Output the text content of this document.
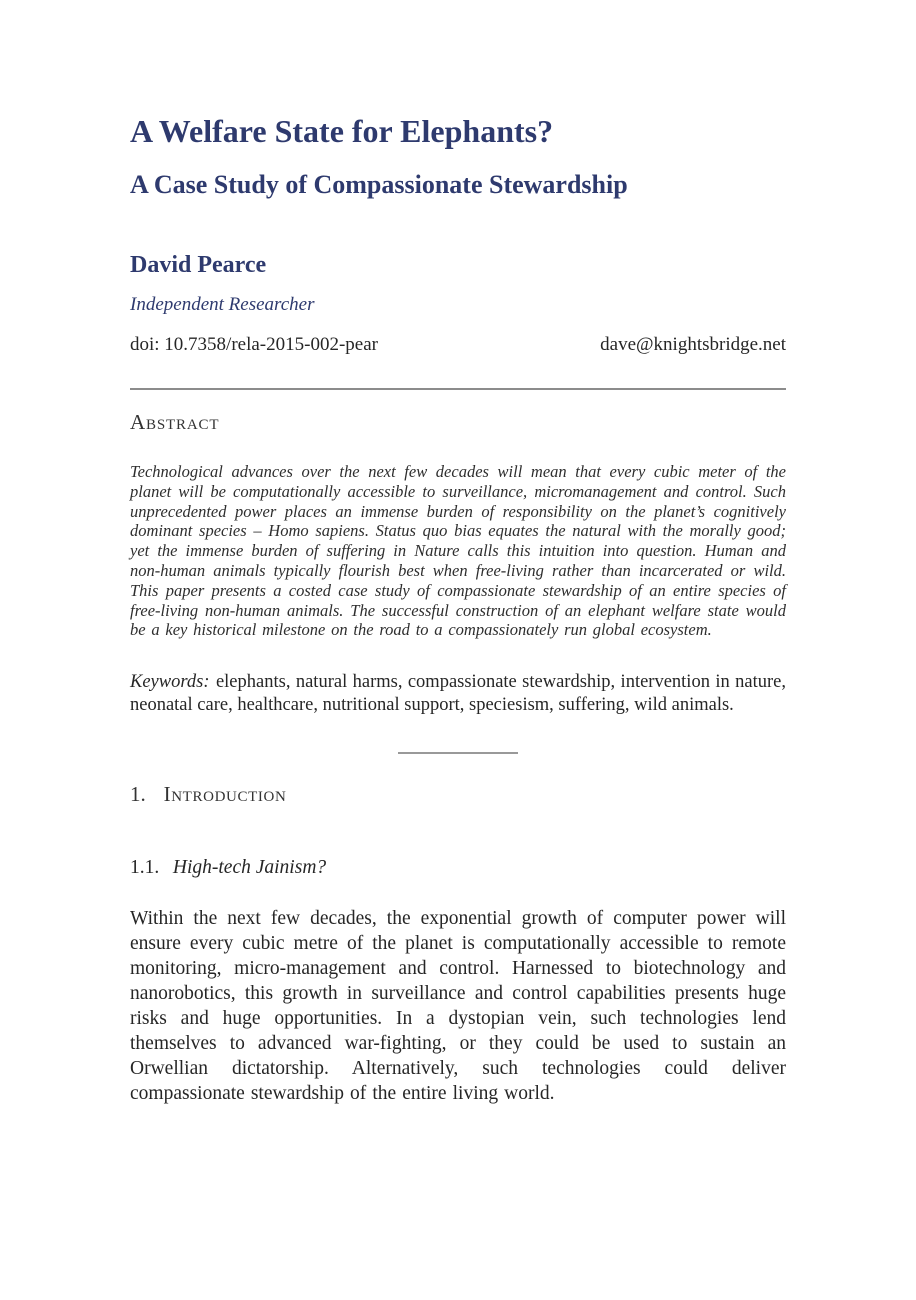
A Welfare State for Elephants?
A Case Study of Compassionate Stewardship
David Pearce
Independent Researcher
doi: 10.7358/rela-2015-002-pear	dave@knightsbridge.net
Abstract

Technological advances over the next few decades will mean that every cubic meter of the planet will be computationally accessible to surveillance, micromanagement and control. Such unprecedented power places an immense burden of responsibility on the planet’s cognitively dominant species – Homo sapiens. Status quo bias equates the natural with the morally good; yet the immense burden of suffering in Nature calls this intuition into question. Human and non-human animals typically flourish best when free-living rather than incarcerated or wild. This paper presents a costed case study of compassionate stewardship of an entire species of free-living non-human animals. The successful construction of an elephant welfare state would be a key historical milestone on the road to a compassionately run global ecosystem.

Keywords: elephants, natural harms, compassionate stewardship, intervention in nature, neonatal care, healthcare, nutritional support, speciesism, suffering, wild animals.

1. Introduction
1.1. High-tech Jainism?

Within the next few decades, the exponential growth of computer power will ensure every cubic metre of the planet is computationally accessible to remote monitoring, micro-management and control. Harnessed to biotechnology and nanorobotics, this growth in surveillance and control capabilities presents huge risks and huge opportunities. In a dystopian vein, such technologies lend themselves to advanced war-fighting, or they could be used to sustain an Orwellian dictatorship. Alternatively, such technologies could deliver compassionate stewardship of the entire living world.
